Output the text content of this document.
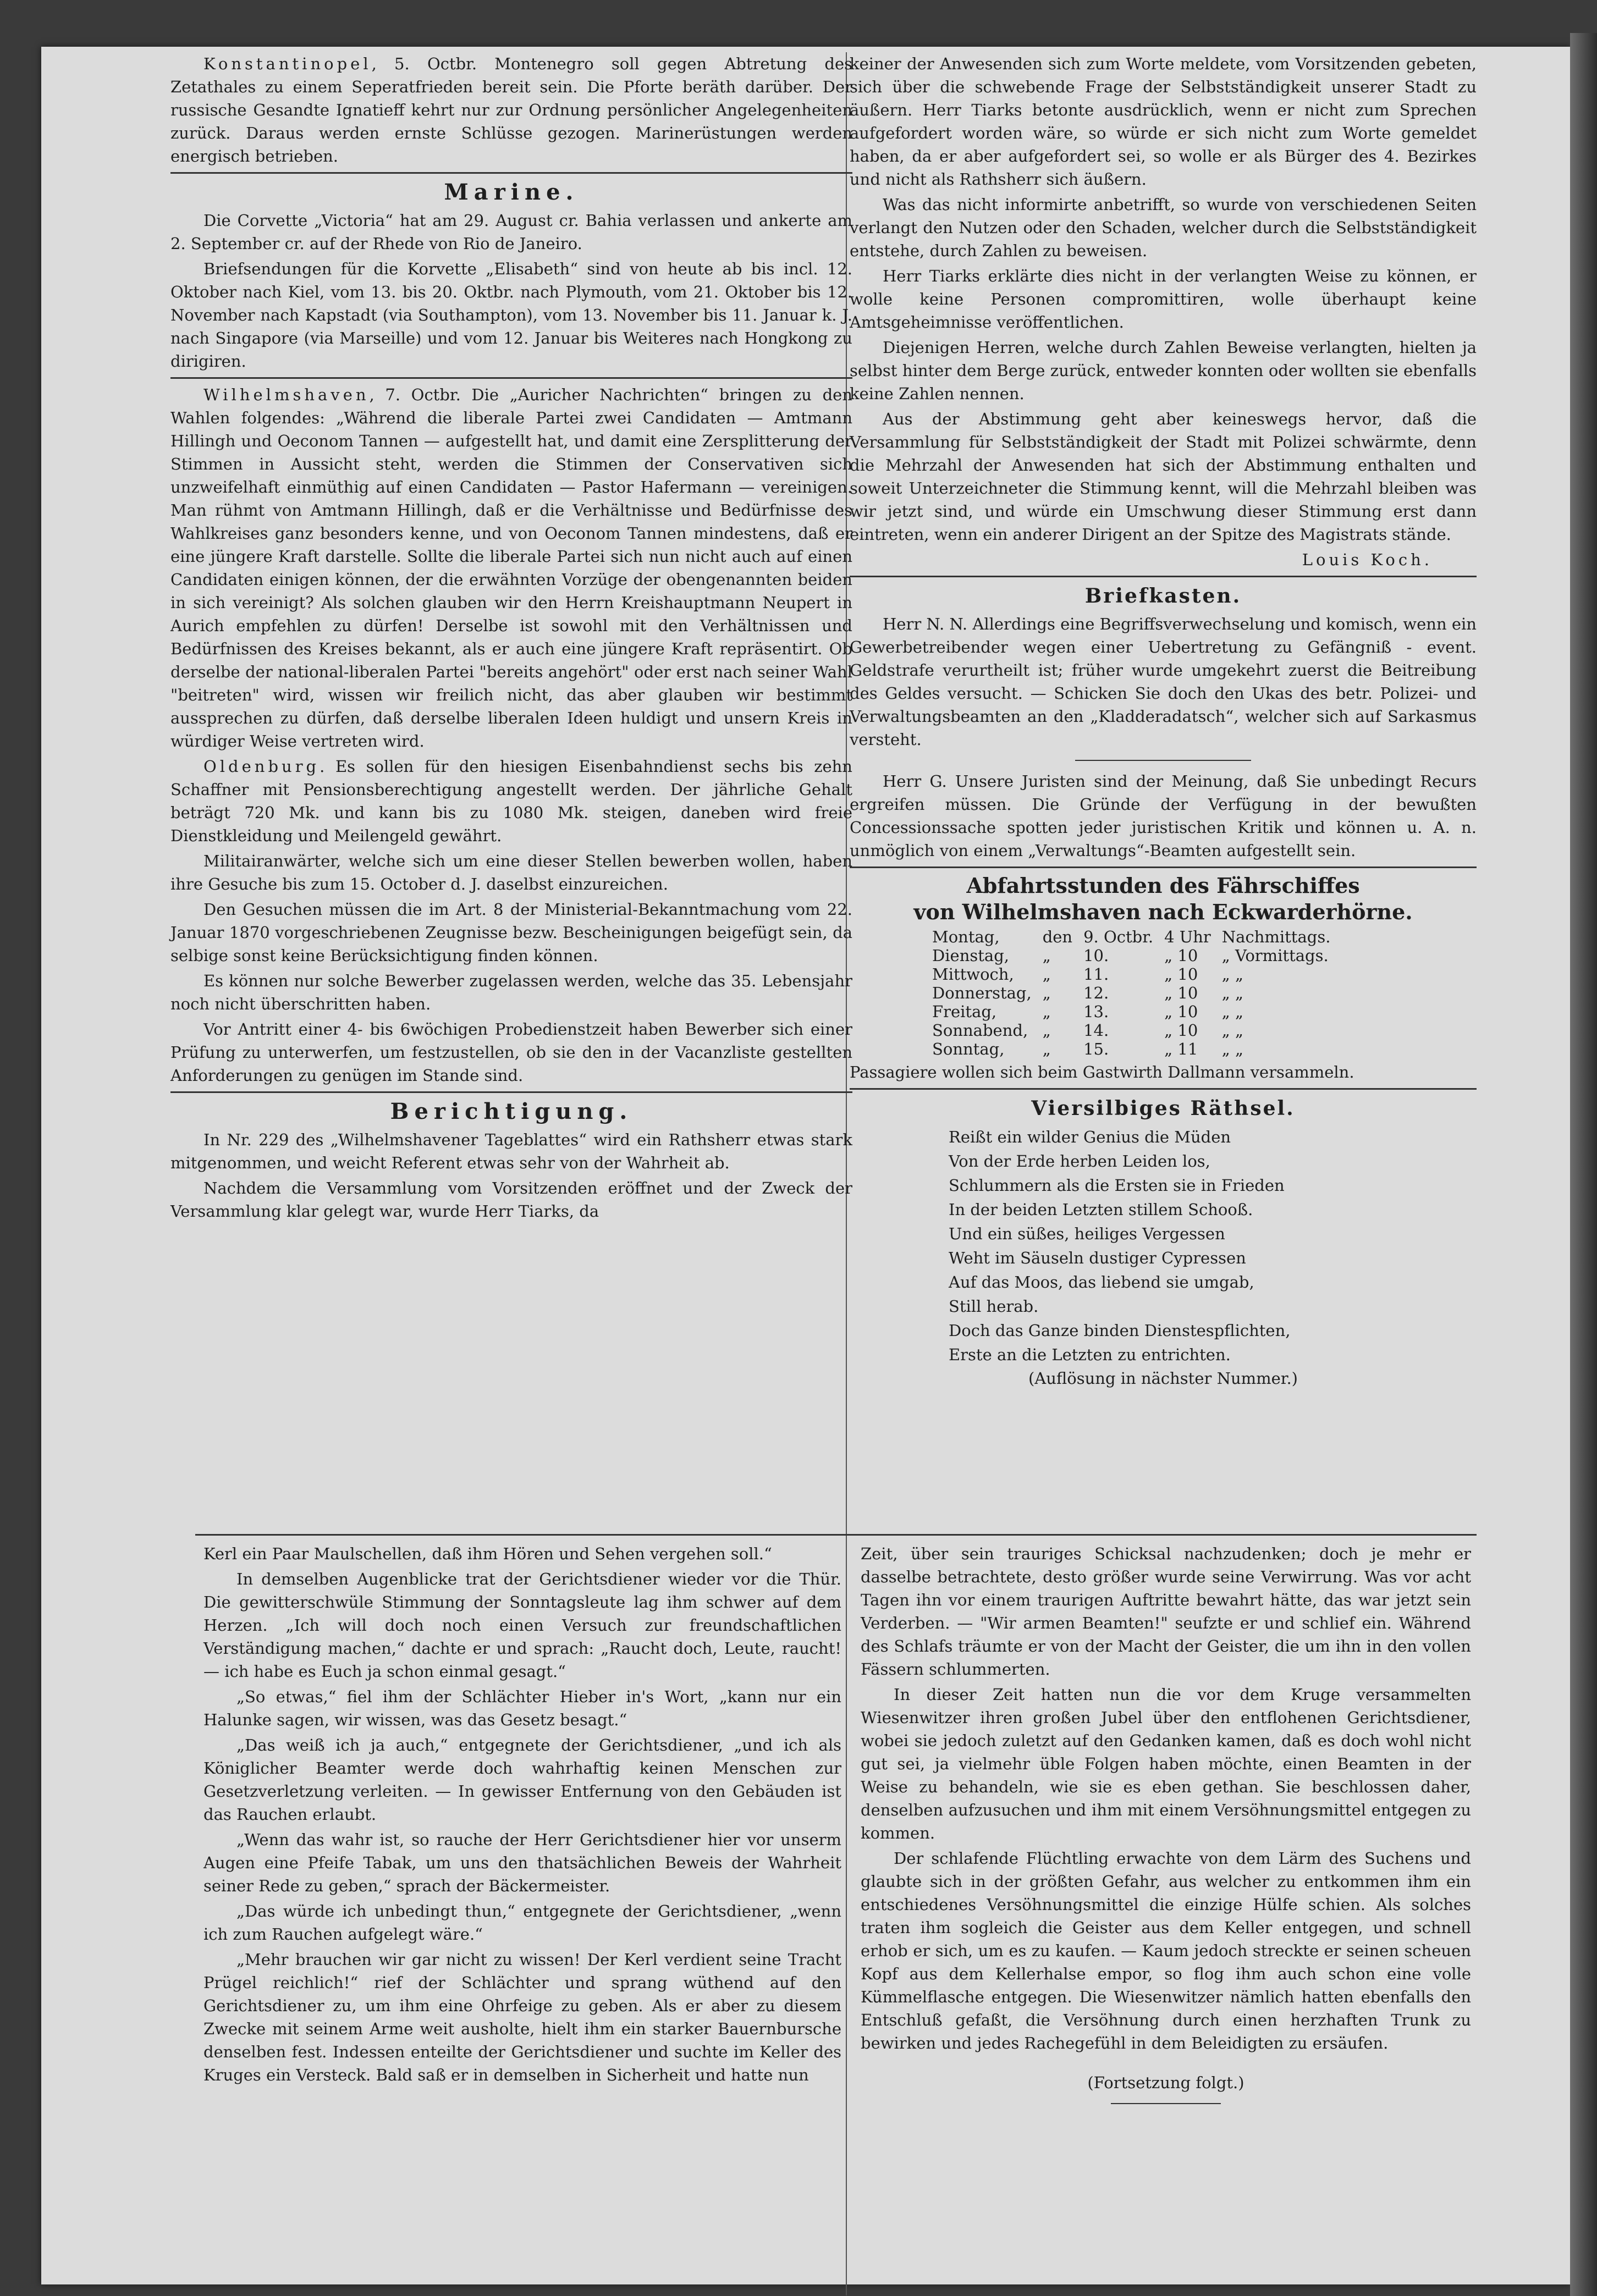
Konstantinopel, 5. Octbr. Montenegro soll gegen Abtretung des Zetathales zu einem Seperatfrieden bereit sein. Die Pforte beräth darüber. Der russische Gesandte Ignatieff kehrt nur zur Ordnung persönlicher Angelegenheiten zurück. Daraus werden ernste Schlüsse gezogen. Marinerüstungen werden energisch betrieben.

Marine.

Die Corvette „Victoria“ hat am 29. August cr. Bahia verlassen und ankerte am 2. September cr. auf der Rhede von Rio de Janeiro.

Briefsendungen für die Korvette „Elisabeth“ sind von heute ab bis incl. 12. Oktober nach Kiel, vom 13. bis 20. Oktbr. nach Plymouth, vom 21. Oktober bis 12. November nach Kapstadt (via Southampton), vom 13. November bis 11. Januar k. J. nach Singapore (via Marseille) und vom 12. Januar bis Weiteres nach Hongkong zu dirigiren.

Wilhelmshaven, 7. Octbr. Die „Auricher Nachrichten“ bringen zu den Wahlen folgendes: „Während die liberale Partei zwei Candidaten — Amtmann Hillingh und Oeconom Tannen — aufgestellt hat, und damit eine Zersplitterung der Stimmen in Aussicht steht, werden die Stimmen der Conservativen sich unzweifelhaft einmüthig auf einen Candidaten — Pastor Hafermann — vereinigen. Man rühmt von Amtmann Hillingh, daß er die Verhältnisse und Bedürfnisse des Wahlkreises ganz besonders kenne, und von Oeconom Tannen mindestens, daß er eine jüngere Kraft darstelle. Sollte die liberale Partei sich nun nicht auch auf einen Candidaten einigen können, der die erwähnten Vorzüge der obengenannten beiden in sich vereinigt? Als solchen glauben wir den Herrn Kreishauptmann Neupert in Aurich empfehlen zu dürfen! Derselbe ist sowohl mit den Verhältnissen und Bedürfnissen des Kreises bekannt, als er auch eine jüngere Kraft repräsentirt. Ob derselbe der national-liberalen Partei "bereits angehört" oder erst nach seiner Wahl "beitreten" wird, wissen wir freilich nicht, das aber glauben wir bestimmt aussprechen zu dürfen, daß derselbe liberalen Ideen huldigt und unsern Kreis in würdiger Weise vertreten wird.

Oldenburg. Es sollen für den hiesigen Eisenbahndienst sechs bis zehn Schaffner mit Pensionsberechtigung angestellt werden. Der jährliche Gehalt beträgt 720 Mk. und kann bis zu 1080 Mk. steigen, daneben wird freie Dienstkleidung und Meilengeld gewährt.

Militairanwärter, welche sich um eine dieser Stellen bewerben wollen, haben ihre Gesuche bis zum 15. October d. J. daselbst einzureichen.

Den Gesuchen müssen die im Art. 8 der Ministerial-Bekanntmachung vom 22. Januar 1870 vorgeschriebenen Zeugnisse bezw. Bescheinigungen beigefügt sein, da selbige sonst keine Berücksichtigung finden können.

Es können nur solche Bewerber zugelassen werden, welche das 35. Lebensjahr noch nicht überschritten haben.

Vor Antritt einer 4- bis 6wöchigen Probedienstzeit haben Bewerber sich einer Prüfung zu unterwerfen, um festzustellen, ob sie den in der Vacanzliste gestellten Anforderungen zu genügen im Stande sind.

Berichtigung.

In Nr. 229 des „Wilhelmshavener Tageblattes“ wird ein Rathsherr etwas stark mitgenommen, und weicht Referent etwas sehr von der Wahrheit ab.

Nachdem die Versammlung vom Vorsitzenden eröffnet und der Zweck der Versammlung klar gelegt war, wurde Herr Tiarks, da

keiner der Anwesenden sich zum Worte meldete, vom Vorsitzenden gebeten, sich über die schwebende Frage der Selbstständigkeit unserer Stadt zu äußern. Herr Tiarks betonte ausdrücklich, wenn er nicht zum Sprechen aufgefordert worden wäre, so würde er sich nicht zum Worte gemeldet haben, da er aber aufgefordert sei, so wolle er als Bürger des 4. Bezirkes und nicht als Rathsherr sich äußern.

Was das nicht informirte anbetrifft, so wurde von verschiedenen Seiten verlangt den Nutzen oder den Schaden, welcher durch die Selbstständigkeit entstehe, durch Zahlen zu beweisen.

Herr Tiarks erklärte dies nicht in der verlangten Weise zu können, er wolle keine Personen compromittiren, wolle überhaupt keine Amtsgeheimnisse veröffentlichen.

Diejenigen Herren, welche durch Zahlen Beweise verlangten, hielten ja selbst hinter dem Berge zurück, entweder konnten oder wollten sie ebenfalls keine Zahlen nennen.

Aus der Abstimmung geht aber keineswegs hervor, daß die Versammlung für Selbstständigkeit der Stadt mit Polizei schwärmte, denn die Mehrzahl der Anwesenden hat sich der Abstimmung enthalten und soweit Unterzeichneter die Stimmung kennt, will die Mehrzahl bleiben was wir jetzt sind, und würde ein Umschwung dieser Stimmung erst dann eintreten, wenn ein anderer Dirigent an der Spitze des Magistrats stände.

Louis Koch.

Briefkasten.

Herr N. N. Allerdings eine Begriffsverwechselung und komisch, wenn ein Gewerbetreibender wegen einer Uebertretung zu Gefängniß - event. Geldstrafe verurtheilt ist; früher wurde umgekehrt zuerst die Beitreibung des Geldes versucht. — Schicken Sie doch den Ukas des betr. Polizei- und Verwaltungsbeamten an den „Kladderadatsch“, welcher sich auf Sarkasmus versteht.

Herr G. Unsere Juristen sind der Meinung, daß Sie unbedingt Recurs ergreifen müssen. Die Gründe der Verfügung in der bewußten Concessionssache spotten jeder juristischen Kritik und können u. A. n. unmöglich von einem „Verwaltungs“-Beamten aufgestellt sein.

Abfahrtsstunden des Fährschiffes
von Wilhelmshaven nach Eckwarderhörne.
Montag,	den	9. Octbr.	4 Uhr	Nachmittags.
Dienstag,	„	10.	„ 10	„ Vormittags.
Mittwoch,	„	11.	„ 10	„ „
Donnerstag,	„	12.	„ 10	„ „
Freitag,	„	13.	„ 10	„ „
Sonnabend,	„	14.	„ 10	„ „
Sonntag,	„	15.	„ 11	„ „

Passagiere wollen sich beim Gastwirth Dallmann versammeln.

Viersilbiges Räthsel.

Reißt ein wilder Genius die Müden

Von der Erde herben Leiden los,

Schlummern als die Ersten sie in Frieden

In der beiden Letzten stillem Schooß.

Und ein süßes, heiliges Vergessen

Weht im Säuseln dustiger Cypressen

Auf das Moos, das liebend sie umgab,

Still herab.

Doch das Ganze binden Dienstespflichten,

Erste an die Letzten zu entrichten.

(Auflösung in nächster Nummer.)

Kerl ein Paar Maulschellen, daß ihm Hören und Sehen vergehen soll.“

In demselben Augenblicke trat der Gerichtsdiener wieder vor die Thür. Die gewitterschwüle Stimmung der Sonntagsleute lag ihm schwer auf dem Herzen. „Ich will doch noch einen Versuch zur freundschaftlichen Verständigung machen,“ dachte er und sprach: „Raucht doch, Leute, raucht! — ich habe es Euch ja schon einmal gesagt.“

„So etwas,“ fiel ihm der Schlächter Hieber in's Wort, „kann nur ein Halunke sagen, wir wissen, was das Gesetz besagt.“

„Das weiß ich ja auch,“ entgegnete der Gerichtsdiener, „und ich als Königlicher Beamter werde doch wahrhaftig keinen Menschen zur Gesetzverletzung verleiten. — In gewisser Entfernung von den Gebäuden ist das Rauchen erlaubt.

„Wenn das wahr ist, so rauche der Herr Gerichtsdiener hier vor unserm Augen eine Pfeife Tabak, um uns den thatsächlichen Beweis der Wahrheit seiner Rede zu geben,“ sprach der Bäckermeister.

„Das würde ich unbedingt thun,“ entgegnete der Gerichtsdiener, „wenn ich zum Rauchen aufgelegt wäre.“

„Mehr brauchen wir gar nicht zu wissen! Der Kerl verdient seine Tracht Prügel reichlich!“ rief der Schlächter und sprang wüthend auf den Gerichtsdiener zu, um ihm eine Ohrfeige zu geben. Als er aber zu diesem Zwecke mit seinem Arme weit ausholte, hielt ihm ein starker Bauernbursche denselben fest. Indessen enteilte der Gerichtsdiener und suchte im Keller des Kruges ein Versteck. Bald saß er in demselben in Sicherheit und hatte nun

Zeit, über sein trauriges Schicksal nachzudenken; doch je mehr er dasselbe betrachtete, desto größer wurde seine Verwirrung. Was vor acht Tagen ihn vor einem traurigen Auftritte bewahrt hätte, das war jetzt sein Verderben. — "Wir armen Beamten!" seufzte er und schlief ein. Während des Schlafs träumte er von der Macht der Geister, die um ihn in den vollen Fässern schlummerten.

In dieser Zeit hatten nun die vor dem Kruge versammelten Wiesenwitzer ihren großen Jubel über den entflohenen Gerichtsdiener, wobei sie jedoch zuletzt auf den Gedanken kamen, daß es doch wohl nicht gut sei, ja vielmehr üble Folgen haben möchte, einen Beamten in der Weise zu behandeln, wie sie es eben gethan. Sie beschlossen daher, denselben aufzusuchen und ihm mit einem Versöhnungsmittel entgegen zu kommen.

Der schlafende Flüchtling erwachte von dem Lärm des Suchens und glaubte sich in der größten Gefahr, aus welcher zu entkommen ihm ein entschiedenes Versöhnungsmittel die einzige Hülfe schien. Als solches traten ihm sogleich die Geister aus dem Keller entgegen, und schnell erhob er sich, um es zu kaufen. — Kaum jedoch streckte er seinen scheuen Kopf aus dem Kellerhalse empor, so flog ihm auch schon eine volle Kümmelflasche entgegen. Die Wiesenwitzer nämlich hatten ebenfalls den Entschluß gefaßt, die Versöhnung durch einen herzhaften Trunk zu bewirken und jedes Rachegefühl in dem Beleidigten zu ersäufen.

(Fortsetzung folgt.)
